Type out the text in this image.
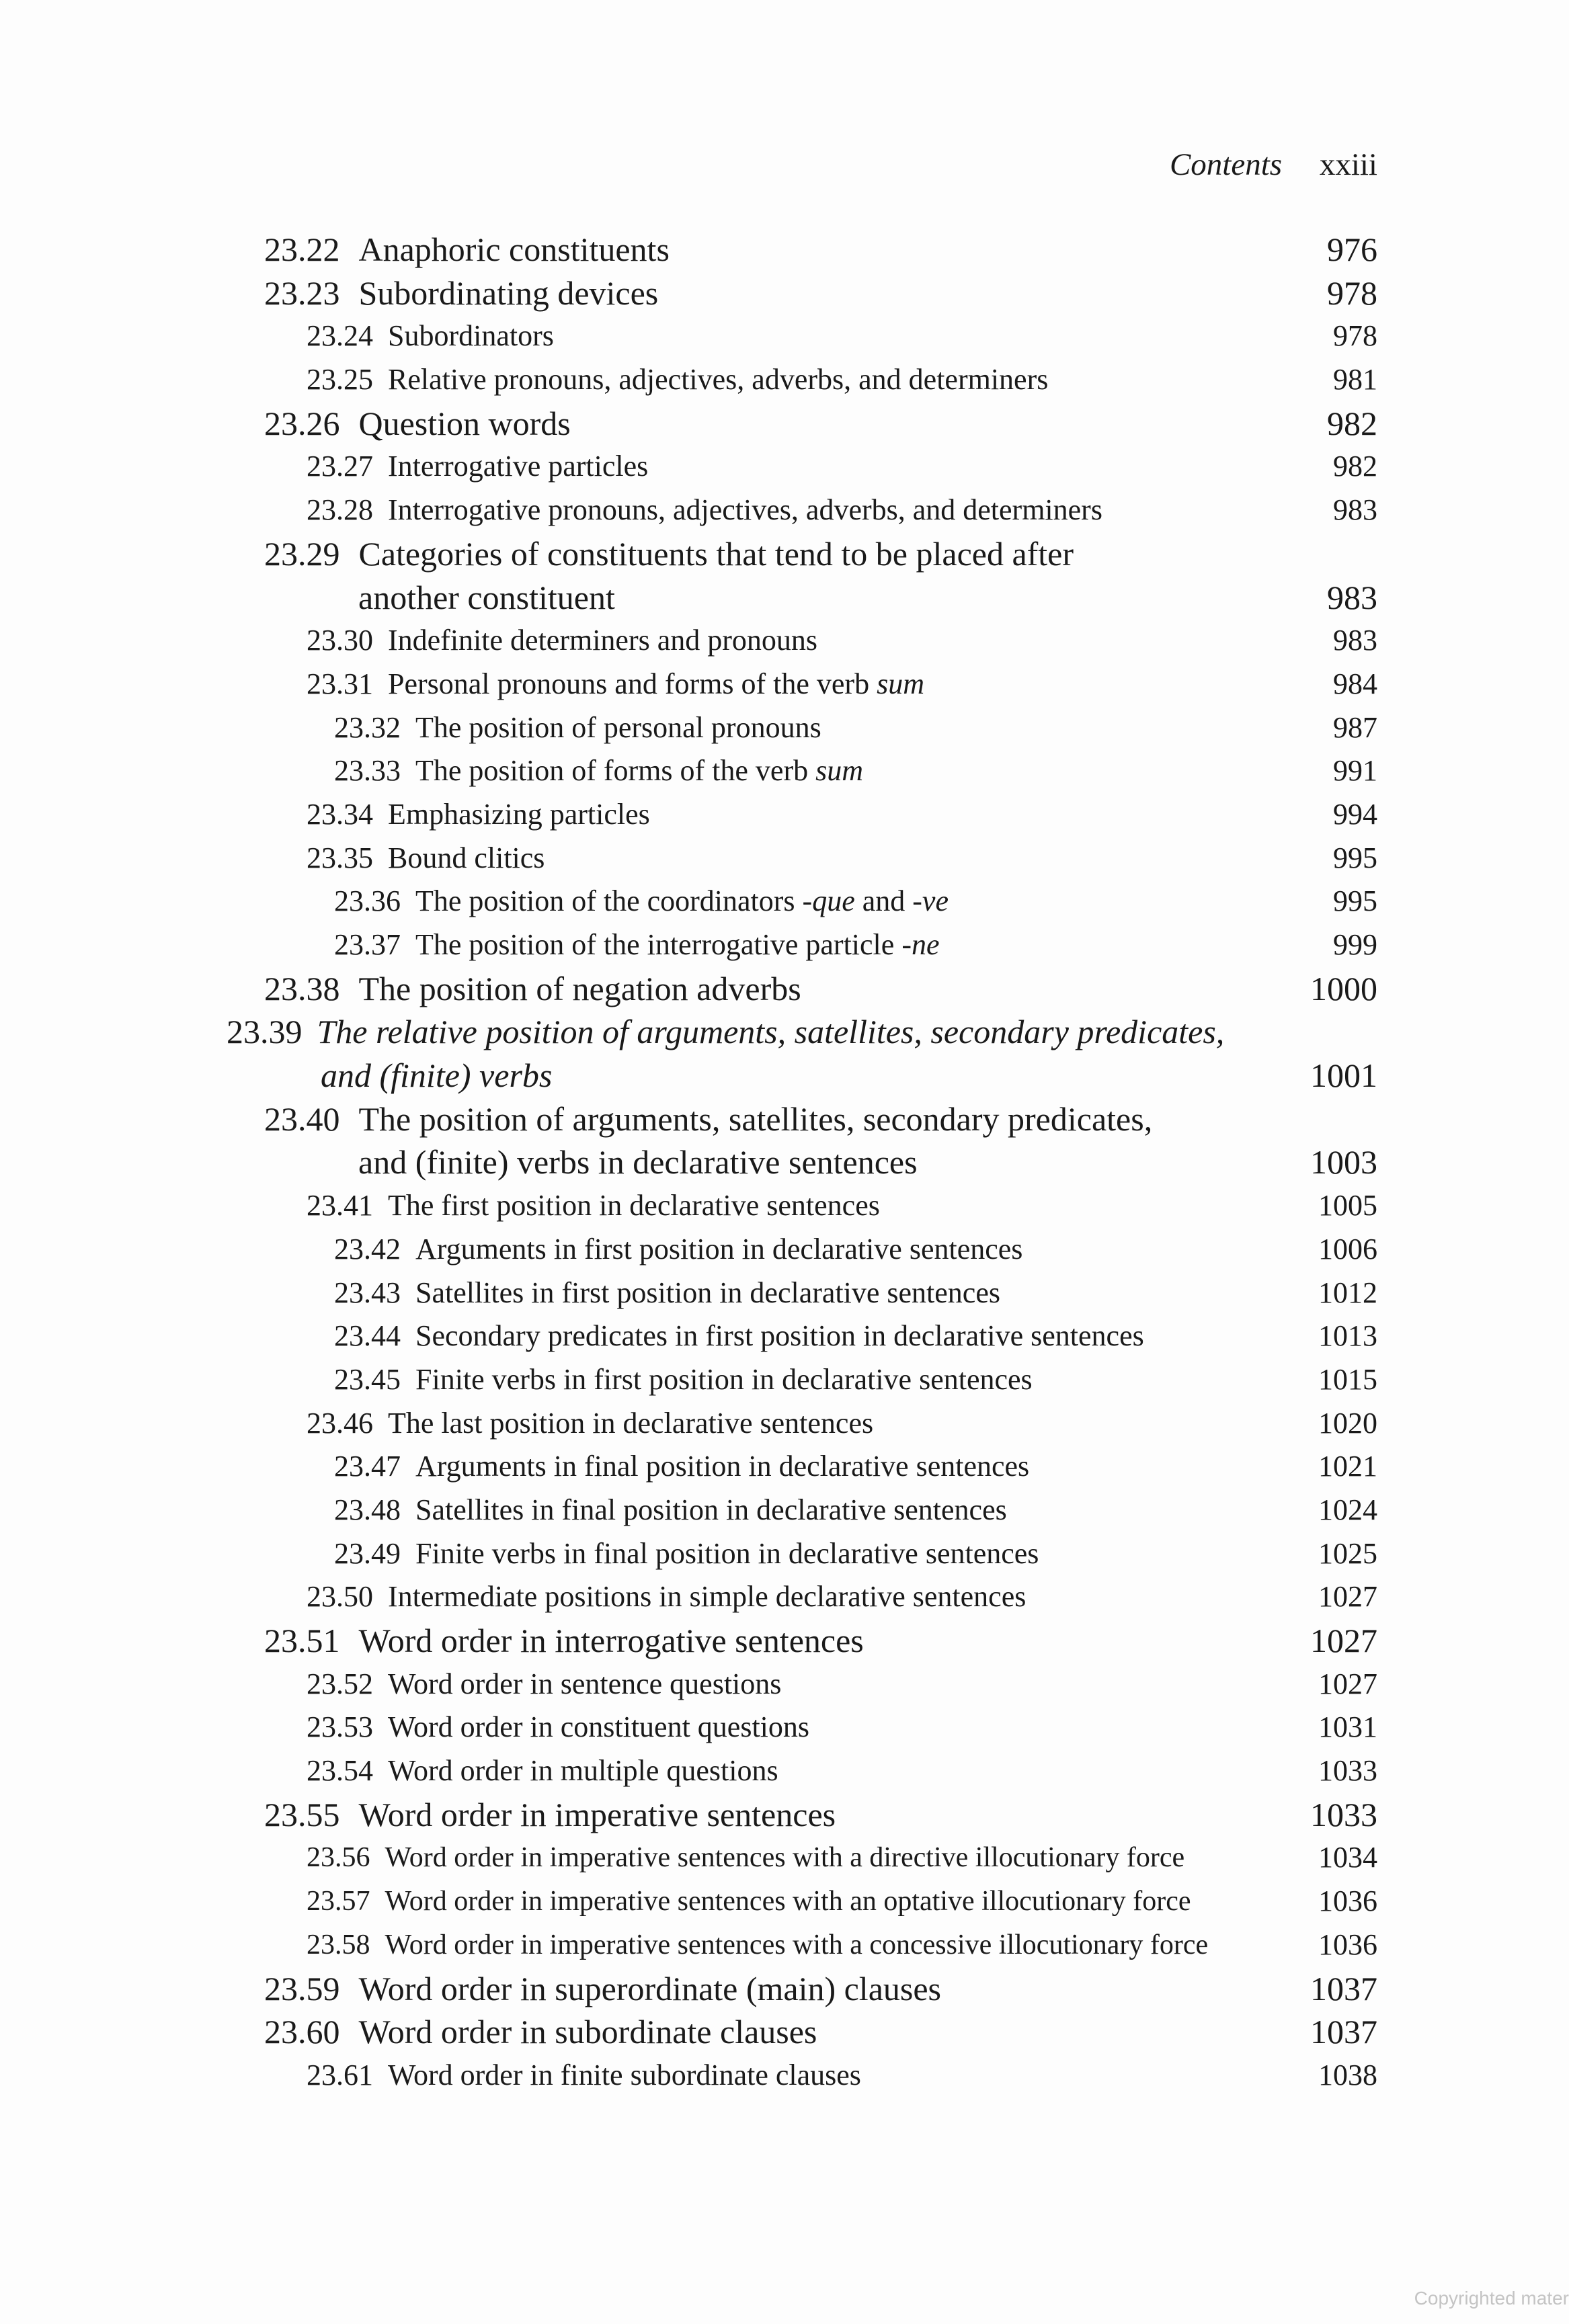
Contents xxiii
23.22 Anaphoric constituents	976
23.23 Subordinating devices	978
23.24 Subordinators	978
23.25 Relative pronouns, adjectives, adverbs, and determiners	981
23.26 Question words	982
23.27 Interrogative particles	982
23.28 Interrogative pronouns, adjectives, adverbs, and determiners	983
23.29 Categories of constituents that tend to be placed after
another constituent	983
23.30 Indefinite determiners and pronouns	983
23.31 Personal pronouns and forms of the verb sum	984
23.32 The position of personal pronouns	987
23.33 The position of forms of the verb sum	991
23.34 Emphasizing particles	994
23.35 Bound clitics	995
23.36 The position of the coordinators -que and -ve	995
23.37 The position of the interrogative particle -ne	999
23.38 The position of negation adverbs	1000
23.39 The relative position of arguments, satellites, secondary predicates,
and (finite) verbs	1001
23.40 The position of arguments, satellites, secondary predicates,
and (finite) verbs in declarative sentences	1003
23.41 The first position in declarative sentences	1005
23.42 Arguments in first position in declarative sentences	1006
23.43 Satellites in first position in declarative sentences	1012
23.44 Secondary predicates in first position in declarative sentences	1013
23.45 Finite verbs in first position in declarative sentences	1015
23.46 The last position in declarative sentences	1020
23.47 Arguments in final position in declarative sentences	1021
23.48 Satellites in final position in declarative sentences	1024
23.49 Finite verbs in final position in declarative sentences	1025
23.50 Intermediate positions in simple declarative sentences	1027
23.51 Word order in interrogative sentences	1027
23.52 Word order in sentence questions	1027
23.53 Word order in constituent questions	1031
23.54 Word order in multiple questions	1033
23.55 Word order in imperative sentences	1033
23.56 Word order in imperative sentences with a directive illocutionary force	1034
23.57 Word order in imperative sentences with an optative illocutionary force	1036
23.58 Word order in imperative sentences with a concessive illocutionary force	1036
23.59 Word order in superordinate (main) clauses	1037
23.60 Word order in subordinate clauses	1037
23.61 Word order in finite subordinate clauses	1038
Copyrighted mater
